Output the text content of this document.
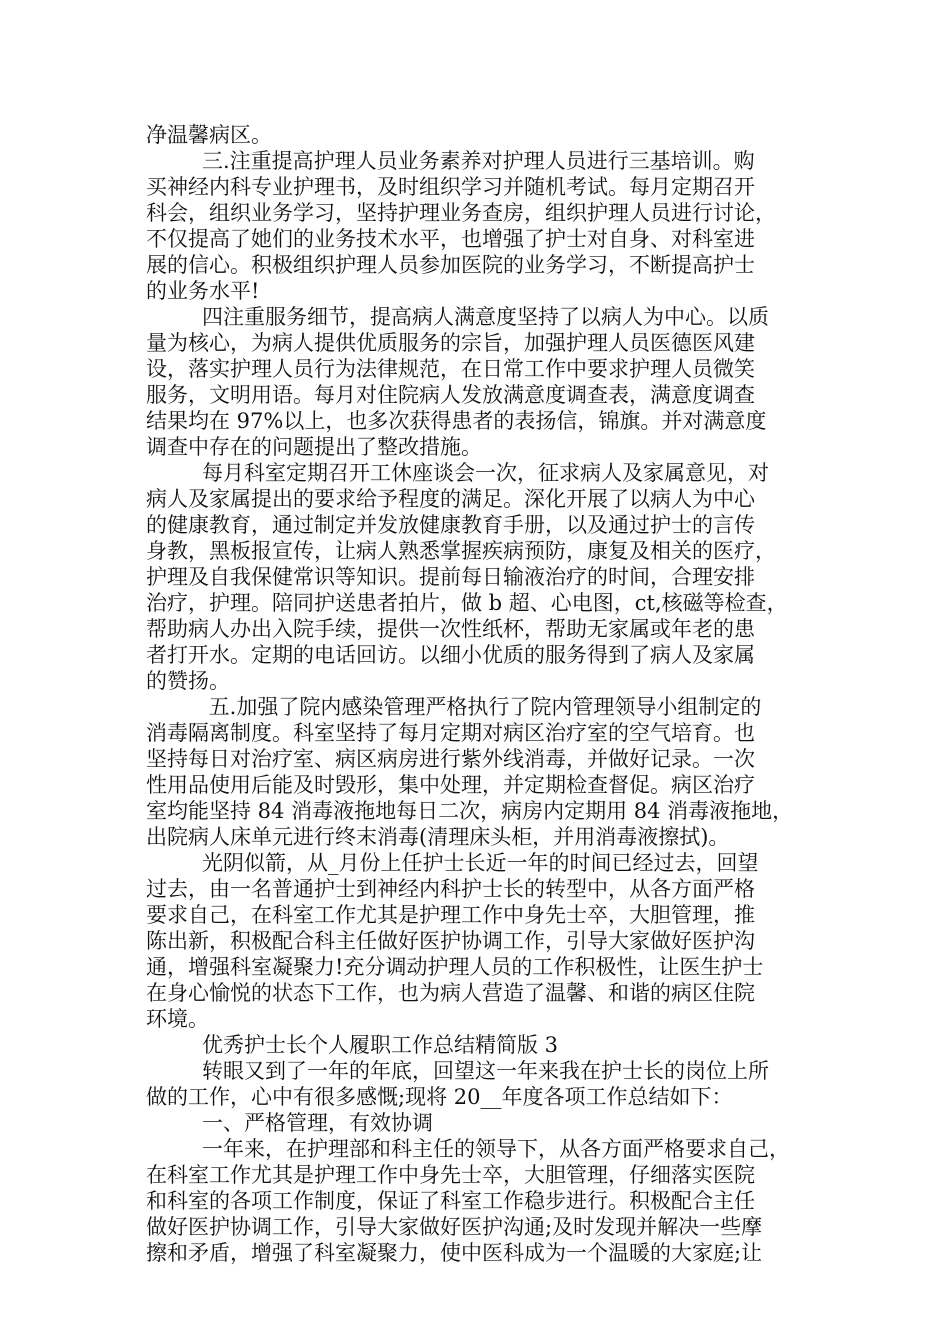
净温馨病区。
三.注重提高护理人员业务素养对护理人员进行三基培训。购
买神经内科专业护理书，及时组织学习并随机考试。每月定期召开
科会，组织业务学习，坚持护理业务查房，组织护理人员进行讨论，
不仅提高了她们的业务技术水平，也增强了护士对自身、对科室进
展的信心。积极组织护理人员参加医院的业务学习，不断提高护士
的业务水平!
四注重服务细节，提高病人满意度坚持了以病人为中心。以质
量为核心，为病人提供优质服务的宗旨，加强护理人员医德医风建
设，落实护理人员行为法律规范，在日常工作中要求护理人员微笑
服务，文明用语。每月对住院病人发放满意度调查表，满意度调查
结果均在 97%以上，也多次获得患者的表扬信，锦旗。并对满意度
调查中存在的问题提出了整改措施。
每月科室定期召开工休座谈会一次，征求病人及家属意见，对
病人及家属提出的要求给予程度的满足。深化开展了以病人为中心
的健康教育，通过制定并发放健康教育手册，以及通过护士的言传
身教，黑板报宣传，让病人熟悉掌握疾病预防，康复及相关的医疗，
护理及自我保健常识等知识。提前每日输液治疗的时间，合理安排
治疗，护理。陪同护送患者拍片，做 b 超、心电图，ct,核磁等检查，
帮助病人办出入院手续，提供一次性纸杯，帮助无家属或年老的患
者打开水。定期的电话回访。以细小优质的服务得到了病人及家属
的赞扬。
五.加强了院内感染管理严格执行了院内管理领导小组制定的
消毒隔离制度。科室坚持了每月定期对病区治疗室的空气培育。也
坚持每日对治疗室、病区病房进行紫外线消毒，并做好记录。一次
性用品使用后能及时毁形，集中处理，并定期检查督促。病区治疗
室均能坚持 84 消毒液拖地每日二次，病房内定期用 84 消毒液拖地，
出院病人床单元进行终末消毒(清理床头柜，并用消毒液擦拭)。
光阴似箭，从_月份上任护士长近一年的时间已经过去，回望
过去，由一名普通护士到神经内科护士长的转型中，从各方面严格
要求自己，在科室工作尤其是护理工作中身先士卒，大胆管理，推
陈出新，积极配合科主任做好医护协调工作，引导大家做好医护沟
通，增强科室凝聚力!充分调动护理人员的工作积极性，让医生护士
在身心愉悦的状态下工作，也为病人营造了温馨、和谐的病区住院
环境。
优秀护士长个人履职工作总结精简版 3
转眼又到了一年的年底，回望这一年来我在护士长的岗位上所
做的工作，心中有很多感慨;现将 20__年度各项工作总结如下：
一、严格管理，有效协调
一年来，在护理部和科主任的领导下，从各方面严格要求自己，
在科室工作尤其是护理工作中身先士卒，大胆管理，仔细落实医院
和科室的各项工作制度，保证了科室工作稳步进行。积极配合主任
做好医护协调工作，引导大家做好医护沟通;及时发现并解决一些摩
擦和矛盾，增强了科室凝聚力，使中医科成为一个温暖的大家庭;让
